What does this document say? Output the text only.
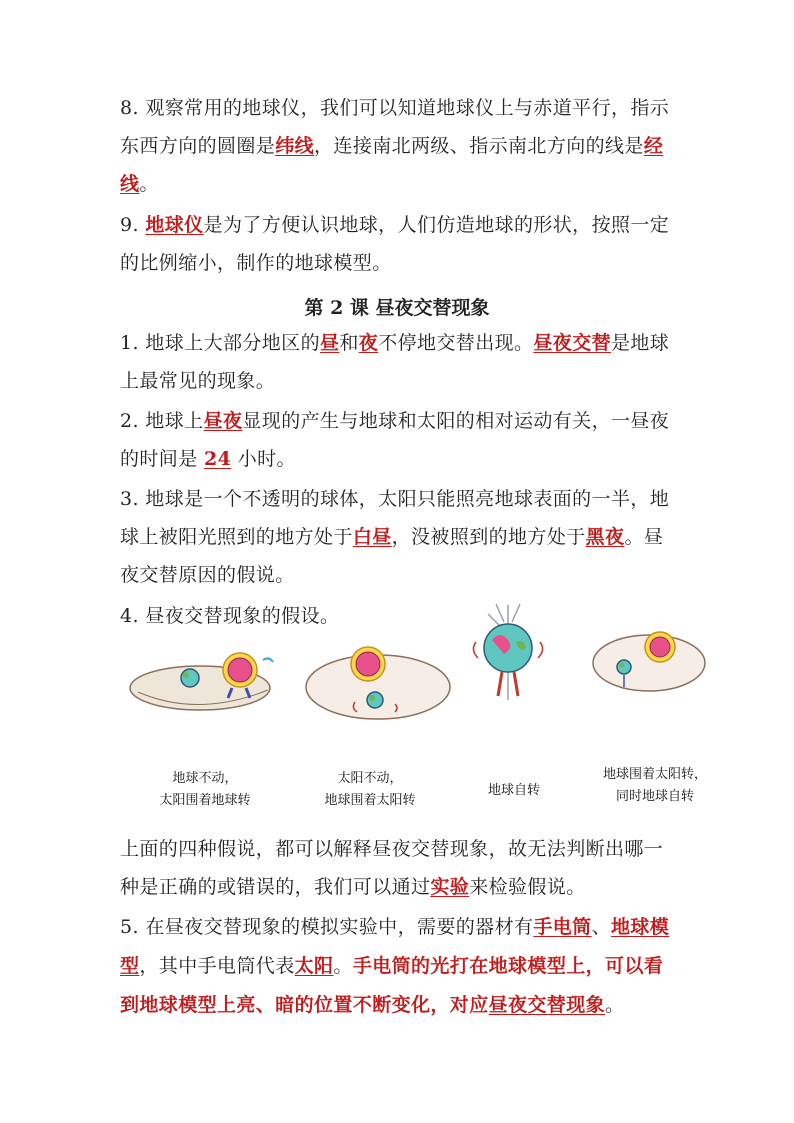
8. 观察常用的地球仪，我们可以知道地球仪上与赤道平行，指示
东西方向的圆圈是纬线，连接南北两级、指示南北方向的线是经
线。
9. 地球仪是为了方便认识地球，人们仿造地球的形状，按照一定
的比例缩小，制作的地球模型。
第 2 课 昼夜交替现象
1. 地球上大部分地区的昼和夜不停地交替出现。昼夜交替是地球
上最常见的现象。
2. 地球上昼夜显现的产生与地球和太阳的相对运动有关，一昼夜
的时间是 24 小时。
3. 地球是一个不透明的球体，太阳只能照亮地球表面的一半，地
球上被阳光照到的地方处于白昼，没被照到的地方处于黑夜。昼
夜交替原因的假说。
4. 昼夜交替现象的假设。
地球不动，
太阳围着地球转
太阳不动，
地球围着太阳转
地球自转
地球围着太阳转，
同时地球自转
上面的四种假说，都可以解释昼夜交替现象，故无法判断出哪一
种是正确的或错误的，我们可以通过实验来检验假说。
5. 在昼夜交替现象的模拟实验中，需要的器材有手电筒、地球模
型，其中手电筒代表太阳。手电筒的光打在地球模型上，可以看
到地球模型上亮、暗的位置不断变化，对应昼夜交替现象。
